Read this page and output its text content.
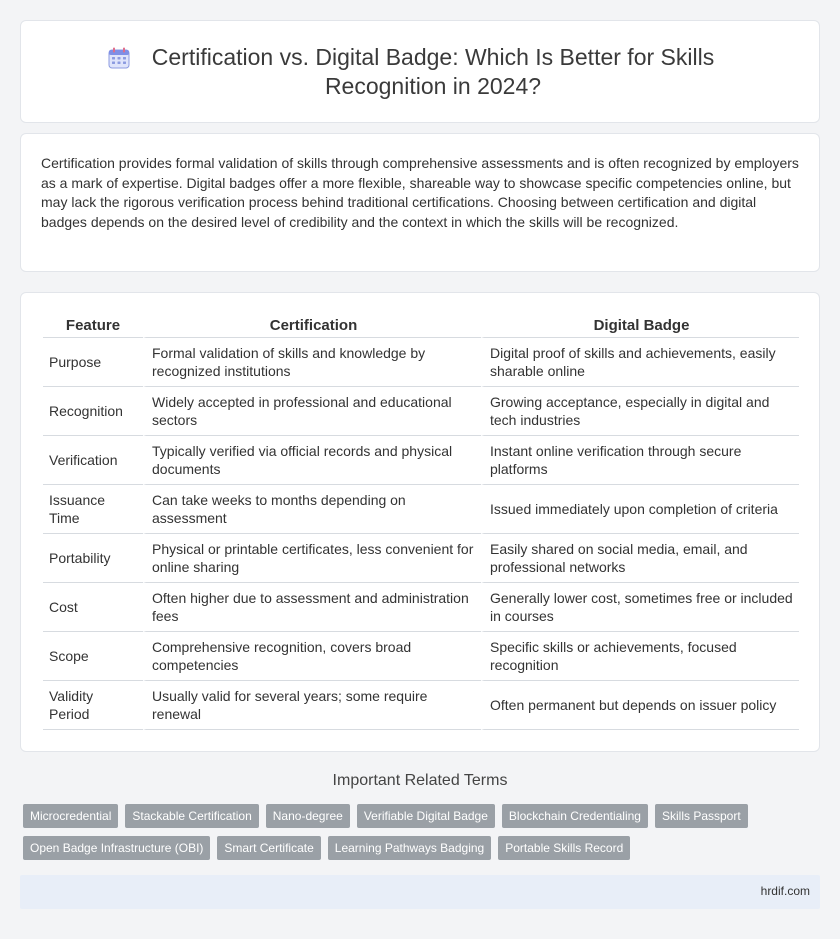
Certification vs. Digital Badge: Which Is Better for Skills Recognition in 2024?

Certification provides formal validation of skills through comprehensive assessments and is often recognized by employers as a mark of expertise. Digital badges offer a more flexible, shareable way to showcase specific competencies online, but may lack the rigorous verification process behind traditional certifications. Choosing between certification and digital badges depends on the desired level of credibility and the context in which the skills will be recognized.

Feature	Certification	Digital Badge
Purpose	Formal validation of skills and knowledge by recognized institutions	Digital proof of skills and achievements, easily sharable online
Recognition	Widely accepted in professional and educational sectors	Growing acceptance, especially in digital and tech industries
Verification	Typically verified via official records and physical documents	Instant online verification through secure platforms
Issuance Time	Can take weeks to months depending on assessment	Issued immediately upon completion of criteria
Portability	Physical or printable certificates, less convenient for online sharing	Easily shared on social media, email, and professional networks
Cost	Often higher due to assessment and administration fees	Generally lower cost, sometimes free or included in courses
Scope	Comprehensive recognition, covers broad competencies	Specific skills or achievements, focused recognition
Validity Period	Usually valid for several years; some require renewal	Often permanent but depends on issuer policy
Important Related Terms
Microcredential	Stackable Certification	Nano-degree	Verifiable Digital Badge	Blockchain Credentialing	Skills Passport
Open Badge Infrastructure (OBI)	Smart Certificate	Learning Pathways Badging	Portable Skills Record
hrdif.com
